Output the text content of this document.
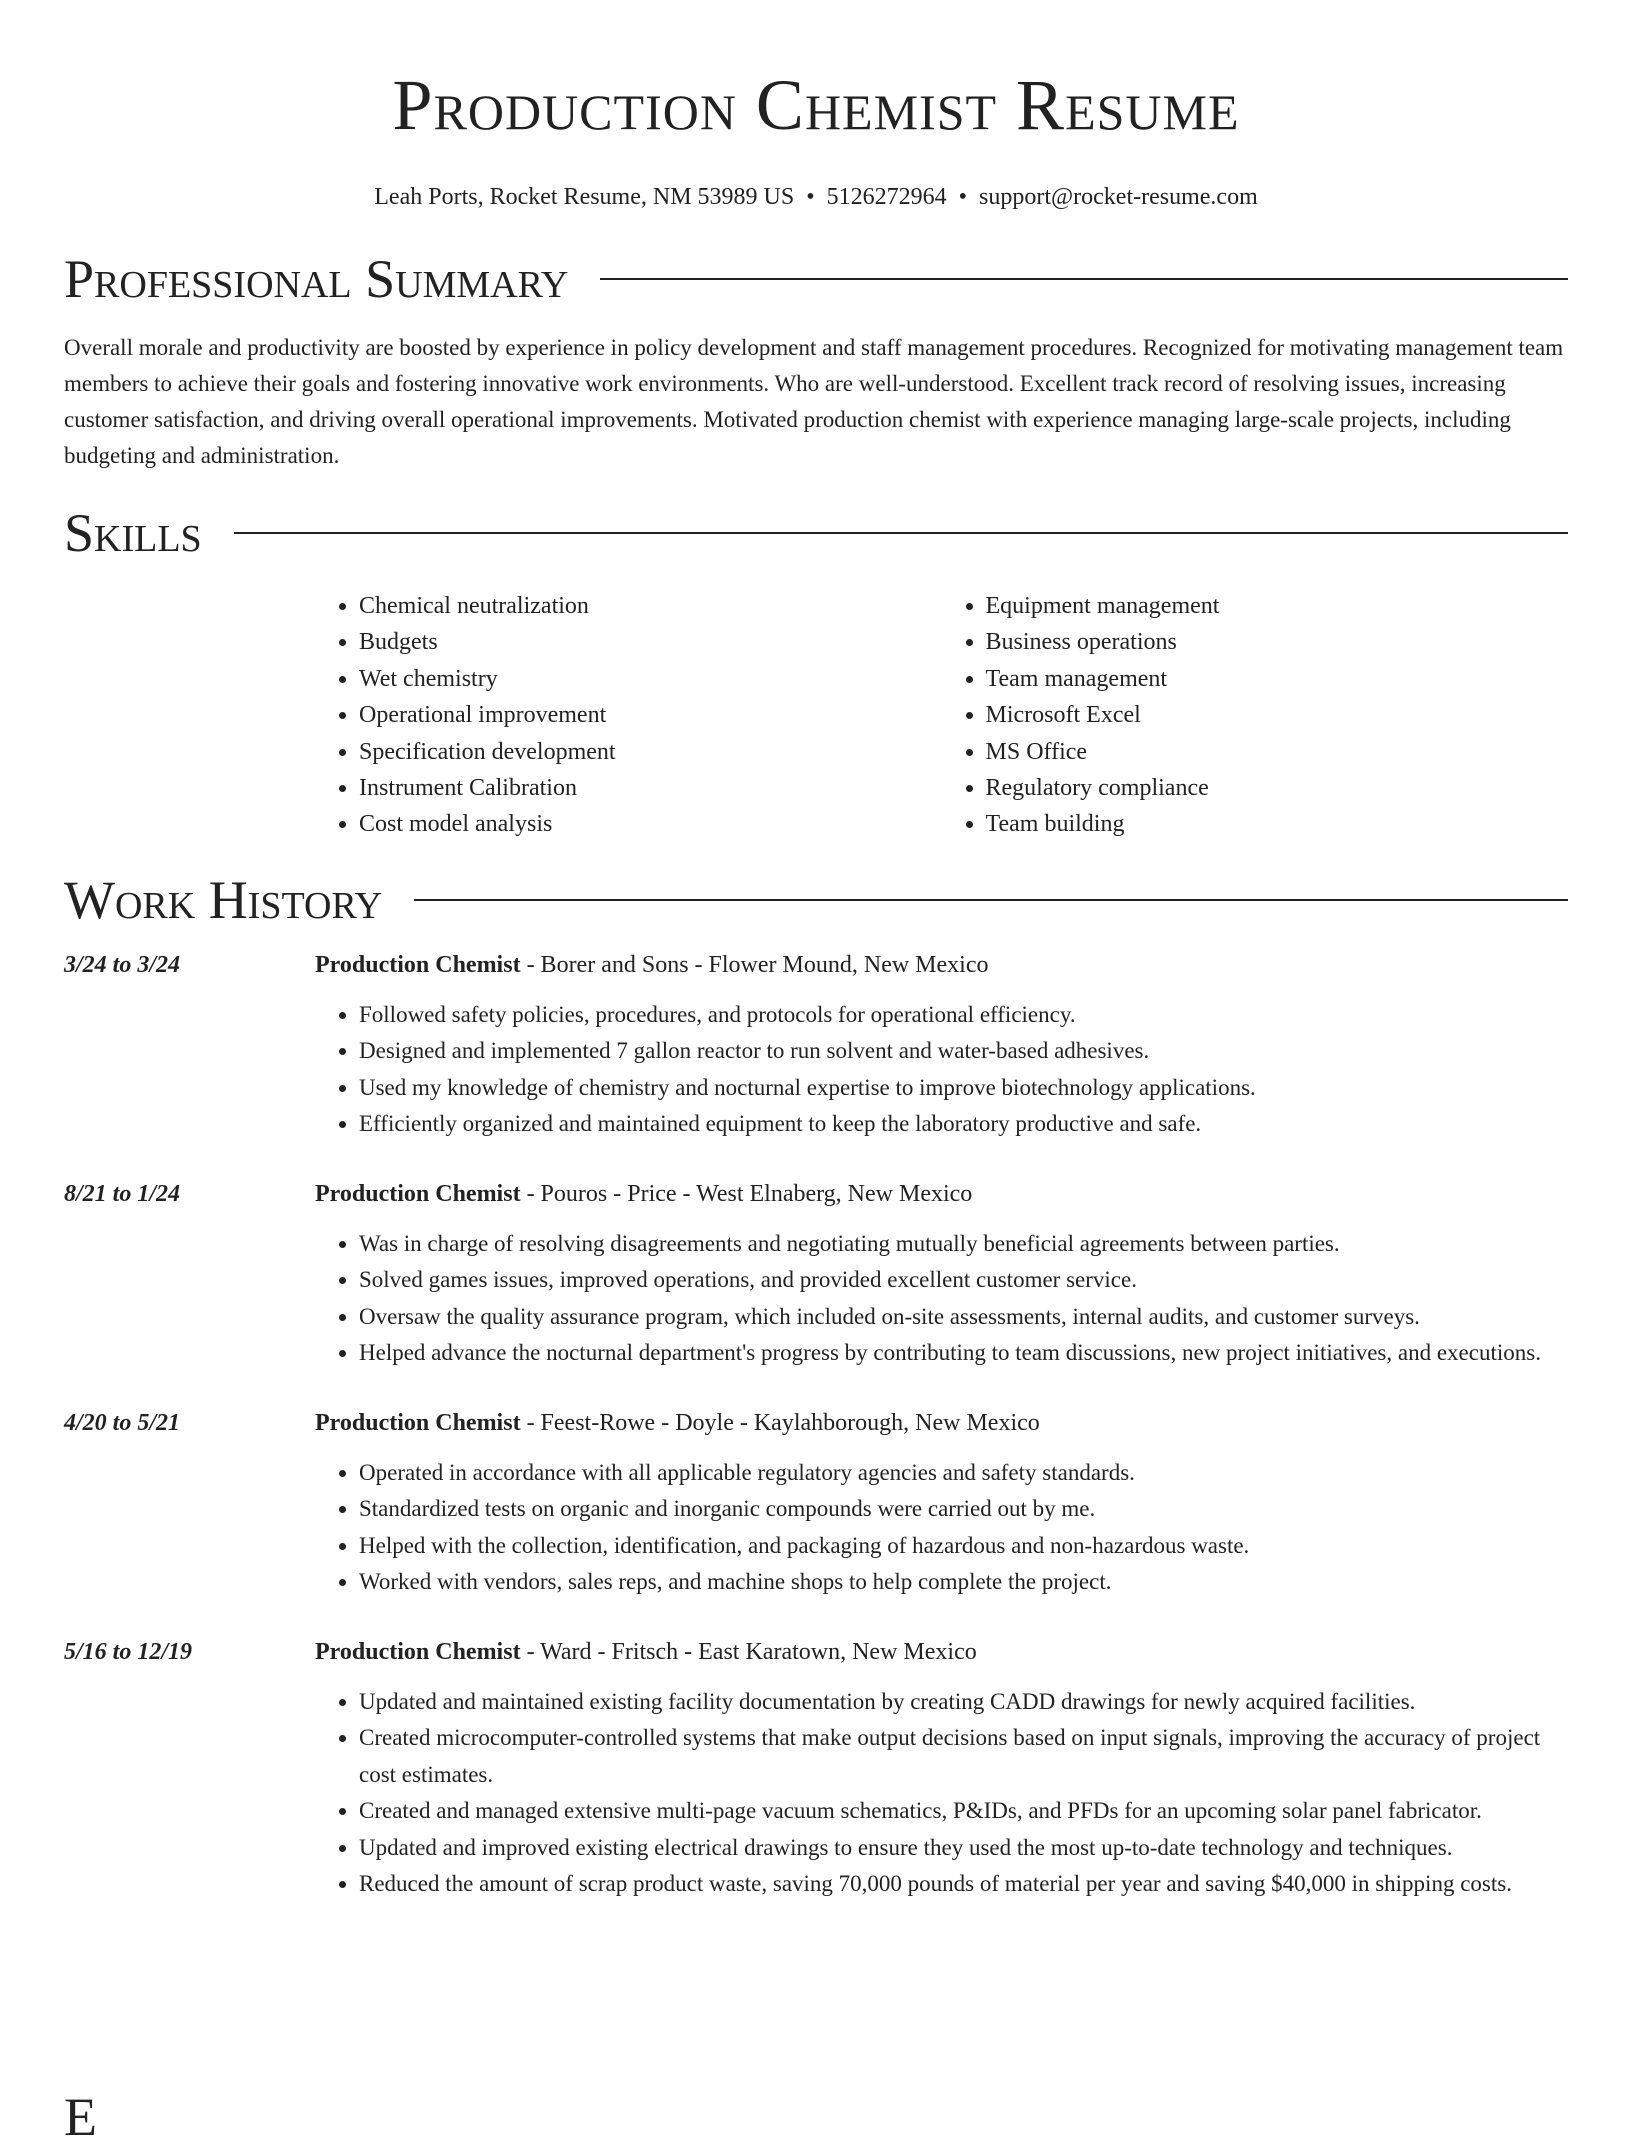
Production Chemist Resume
Leah Ports, Rocket Resume, NM 53989 US • 5126272964 • support@rocket-resume.com
Professional Summary

Overall morale and productivity are boosted by experience in policy development and staff management procedures. Recognized for motivating management team members to achieve their goals and fostering innovative work environments. Who are well-understood. Excellent track record of resolving issues, increasing customer satisfaction, and driving overall operational improvements. Motivated production chemist with experience managing large-scale projects, including budgeting and administration.

Skills
• Chemical neutralization
• Budgets
• Wet chemistry
• Operational improvement
• Specification development
• Instrument Calibration
• Cost model analysis
• Equipment management
• Business operations
• Team management
• Microsoft Excel
• MS Office
• Regulatory compliance
• Team building
Work History
3/24 to 3/24	Production Chemist - Borer and Sons - Flower Mound, New Mexico
• Followed safety policies, procedures, and protocols for operational efficiency.
• Designed and implemented 7 gallon reactor to run solvent and water-based adhesives.
• Used my knowledge of chemistry and nocturnal expertise to improve biotechnology applications.
• Efficiently organized and maintained equipment to keep the laboratory productive and safe.
8/21 to 1/24	Production Chemist - Pouros - Price - West Elnaberg, New Mexico
• Was in charge of resolving disagreements and negotiating mutually beneficial agreements between parties.
• Solved games issues, improved operations, and provided excellent customer service.
• Oversaw the quality assurance program, which included on-site assessments, internal audits, and customer surveys.
• Helped advance the nocturnal department's progress by contributing to team discussions, new project initiatives, and executions.
4/20 to 5/21	Production Chemist - Feest-Rowe - Doyle - Kaylahborough, New Mexico
• Operated in accordance with all applicable regulatory agencies and safety standards.
• Standardized tests on organic and inorganic compounds were carried out by me.
• Helped with the collection, identification, and packaging of hazardous and non-hazardous waste.
• Worked with vendors, sales reps, and machine shops to help complete the project.
5/16 to 12/19	Production Chemist - Ward - Fritsch - East Karatown, New Mexico
• Updated and maintained existing facility documentation by creating CADD drawings for newly acquired facilities.
• Created microcomputer-controlled systems that make output decisions based on input signals, improving the accuracy of project cost estimates.
• Created and managed extensive multi-page vacuum schematics, P&IDs, and PFDs for an upcoming solar panel fabricator.
• Updated and improved existing electrical drawings to ensure they used the most up-to-date technology and techniques.
• Reduced the amount of scrap product waste, saving 70,000 pounds of material per year and saving $40,000 in shipping costs.
E
